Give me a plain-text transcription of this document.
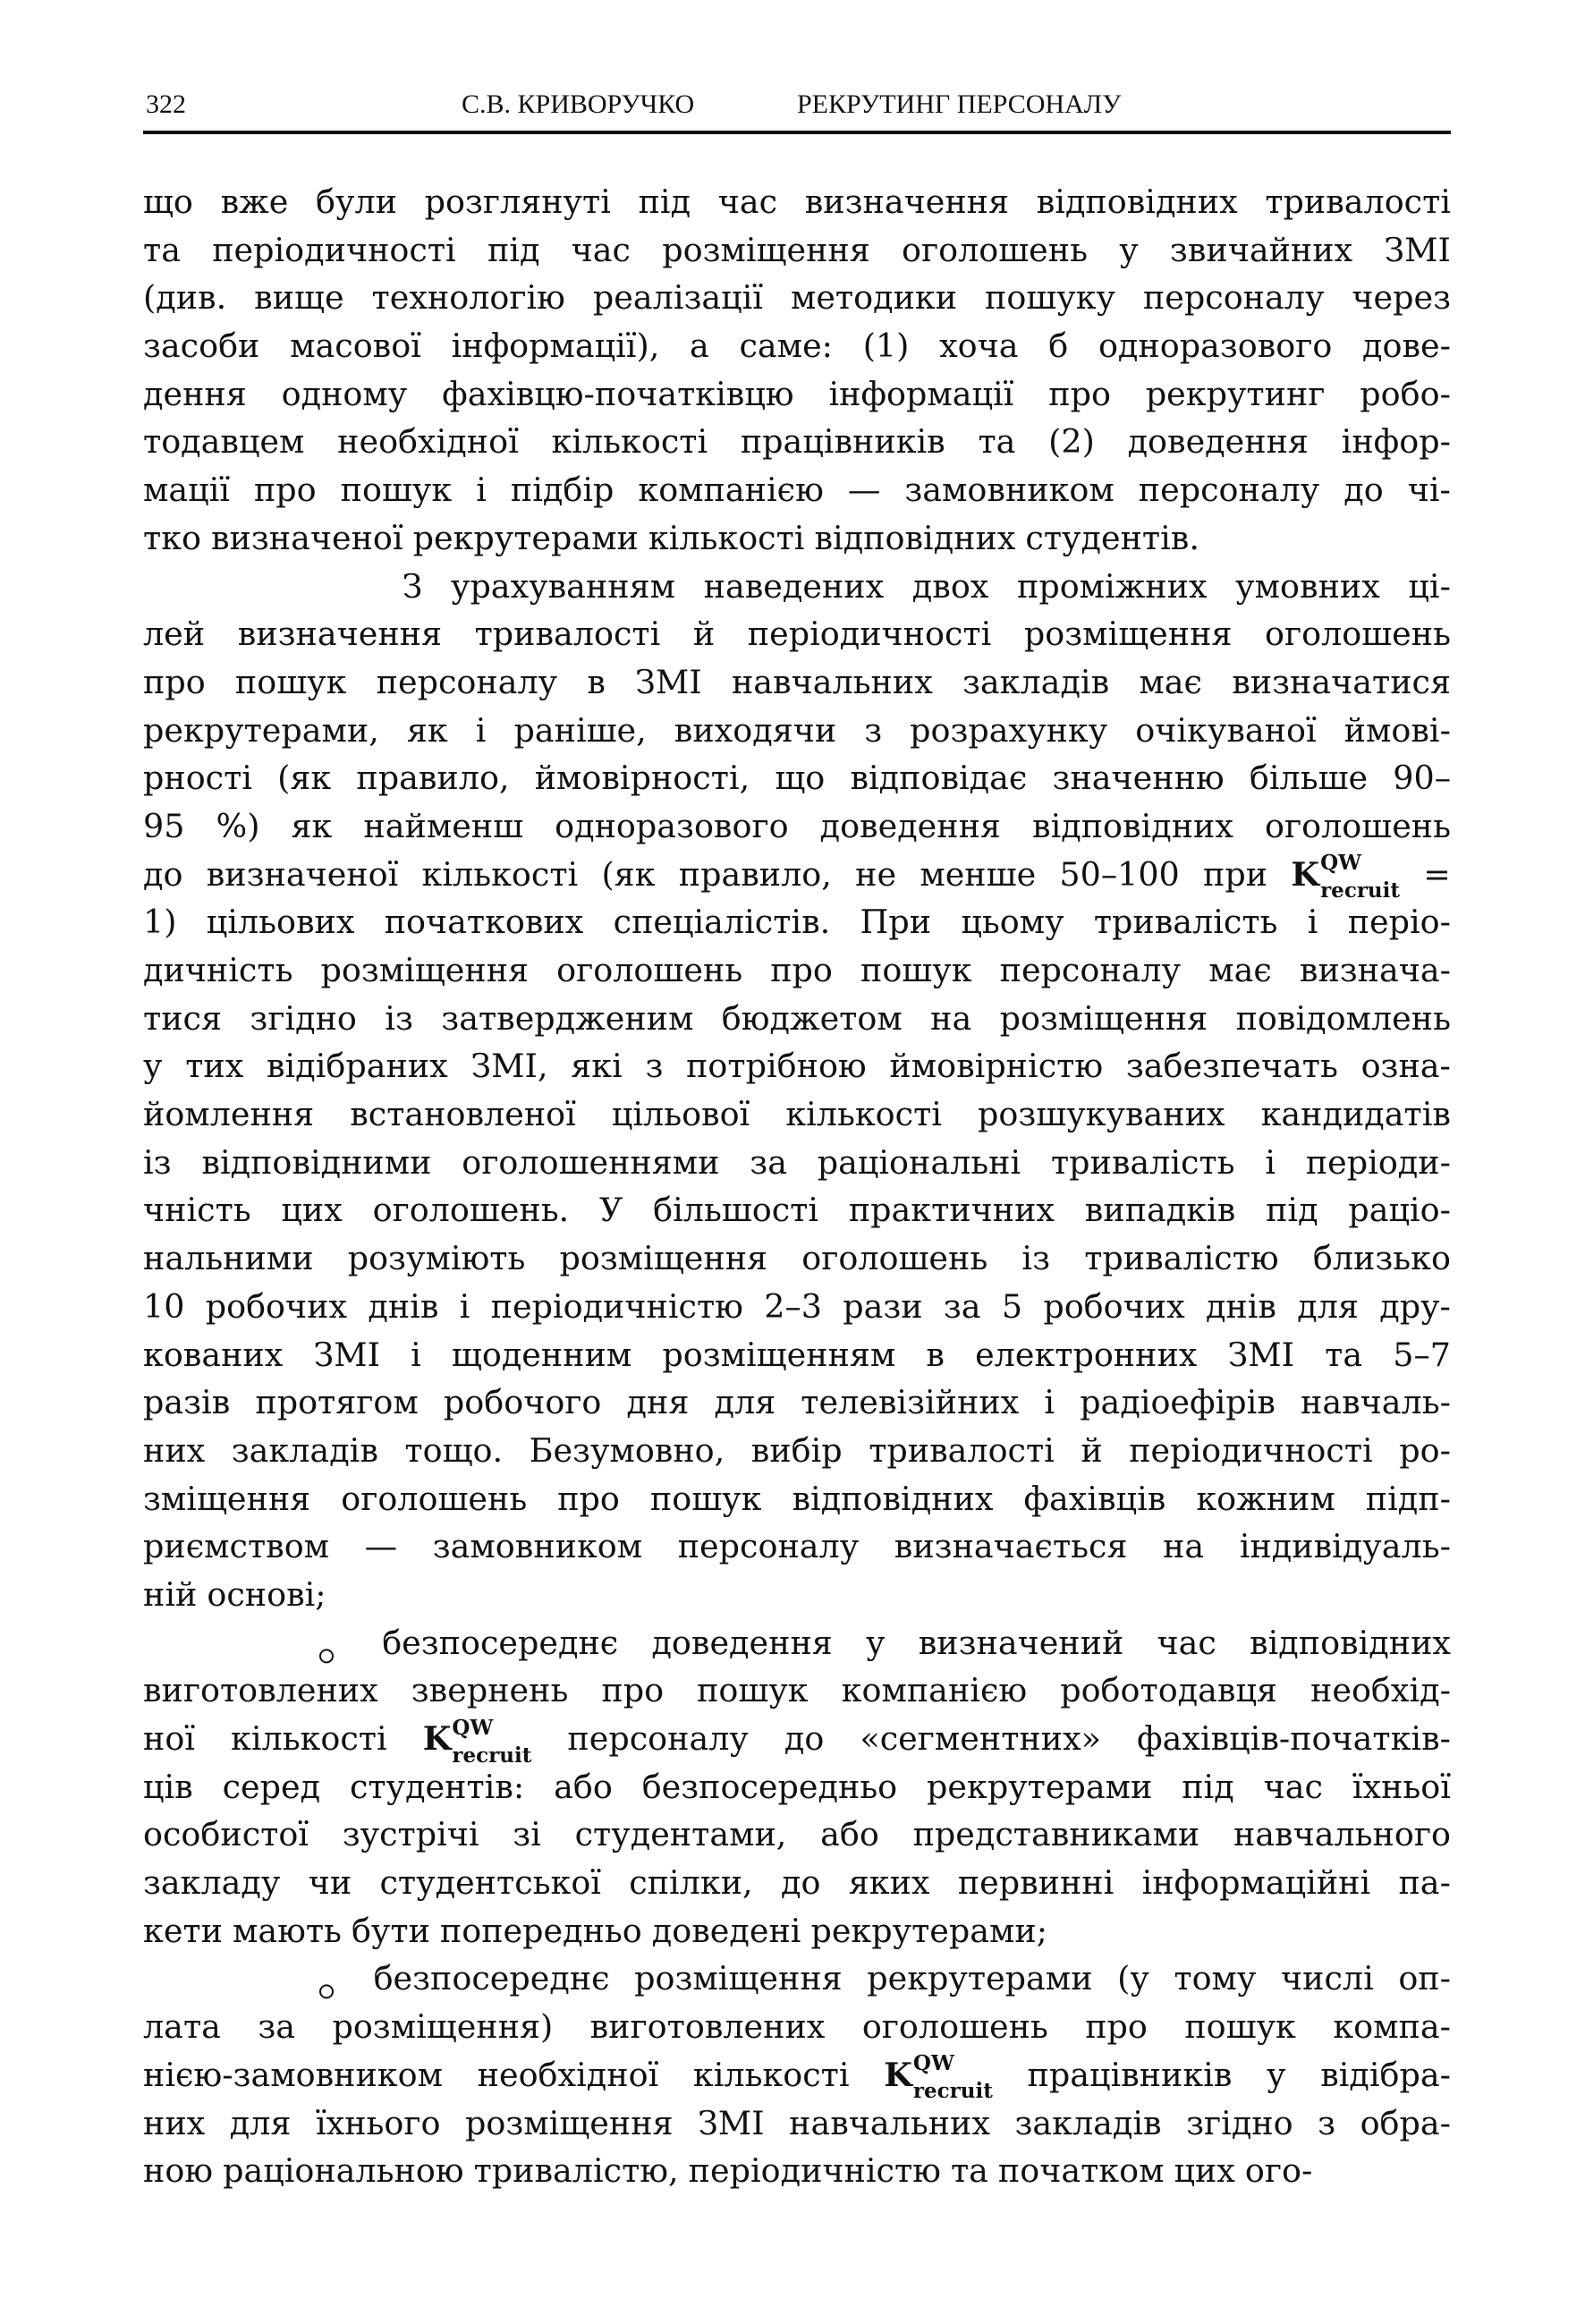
322	С.В. КРИВОРУЧКО	РЕКРУТИНГ ПЕРСОНАЛУ
що вже були розглянуті під час визначення відповідних тривалості
та періодичності під час розміщення оголошень у звичайних ЗМІ
(див. вище технологію реалізації методики пошуку персоналу через
засоби масової інформації), а саме: (1) хоча б одноразового дове-
дення одному фахівцю-початківцю інформації про рекрутинг робо-
тодавцем необхідної кількості працівників та (2) доведення інфор-
мації про пошук і підбір компанією — замовником персоналу до чі-
тко визначеної рекрутерами кількості відповідних студентів.
З урахуванням наведених двох проміжних умовних ці-
лей визначення тривалості й періодичності розміщення оголошень
про пошук персоналу в ЗМІ навчальних закладів має визначатися
рекрутерами, як і раніше, виходячи з розрахунку очікуваної ймові-
рності (як правило, ймовірності, що відповідає значенню більше 90–
95 %) як найменш одноразового доведення відповідних оголошень
до визначеної кількості (як правило, не менше 50–100 при K QW
recruit =
1) цільових початкових спеціалістів. При цьому тривалість і періо-
дичність розміщення оголошень про пошук персоналу має визнача-
тися згідно із затвердженим бюджетом на розміщення повідомлень
у тих відібраних ЗМІ, які з потрібною ймовірністю забезпечать озна-
йомлення встановленої цільової кількості розшукуваних кандидатів
із відповідними оголошеннями за раціональні тривалість і періоди-
чність цих оголошень. У більшості практичних випадків під раціо-
нальними розуміють розміщення оголошень із тривалістю близько
10 робочих днів і періодичністю 2–3 рази за 5 робочих днів для дру-
кованих ЗМІ і щоденним розміщенням в електронних ЗМІ та 5–7
разів протягом робочого дня для телевізійних і радіоефірів навчаль-
них закладів тощо. Безумовно, вибір тривалості й періодичності ро-
зміщення оголошень про пошук відповідних фахівців кожним підп-
риємством — замовником персоналу визначається на індивідуаль-
ній основі;
безпосереднє доведення у визначений час відповідних
виготовлених звернень про пошук компанією роботодавця необхід-
ної кількості K QW
recruit персоналу до «сегментних» фахівців-початків-
ців серед студентів: або безпосередньо рекрутерами під час їхньої
особистої зустрічі зі студентами, або представниками навчального
закладу чи студентської спілки, до яких первинні інформаційні па-
кети мають бути попередньо доведені рекрутерами;
безпосереднє розміщення рекрутерами (у тому числі оп-
лата за розміщення) виготовлених оголошень про пошук компа-
нією-замовником необхідної кількості K QW
recruit працівників у відібра-
них для їхнього розміщення ЗМІ навчальних закладів згідно з обра-
ною раціональною тривалістю, періодичністю та початком цих ого-
